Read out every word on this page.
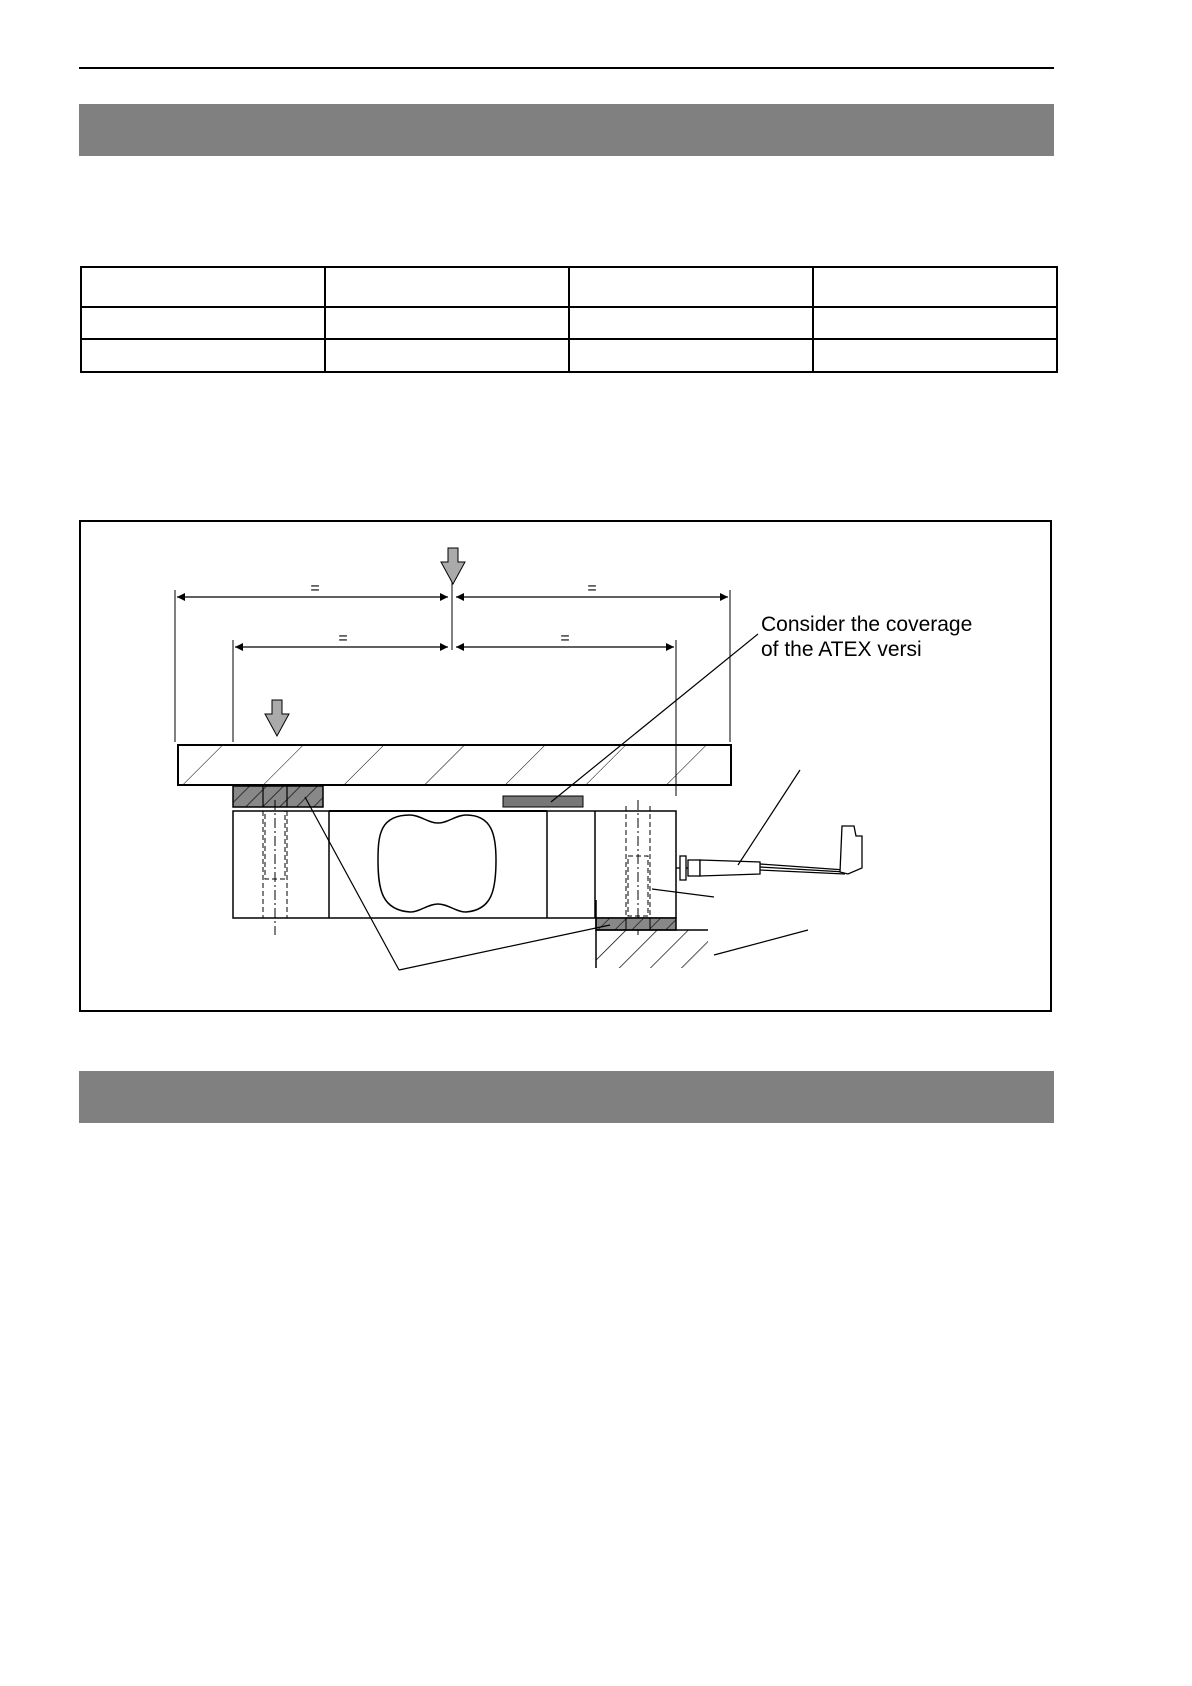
=	=
=	=
Consider the coverage
of the ATEX versi
